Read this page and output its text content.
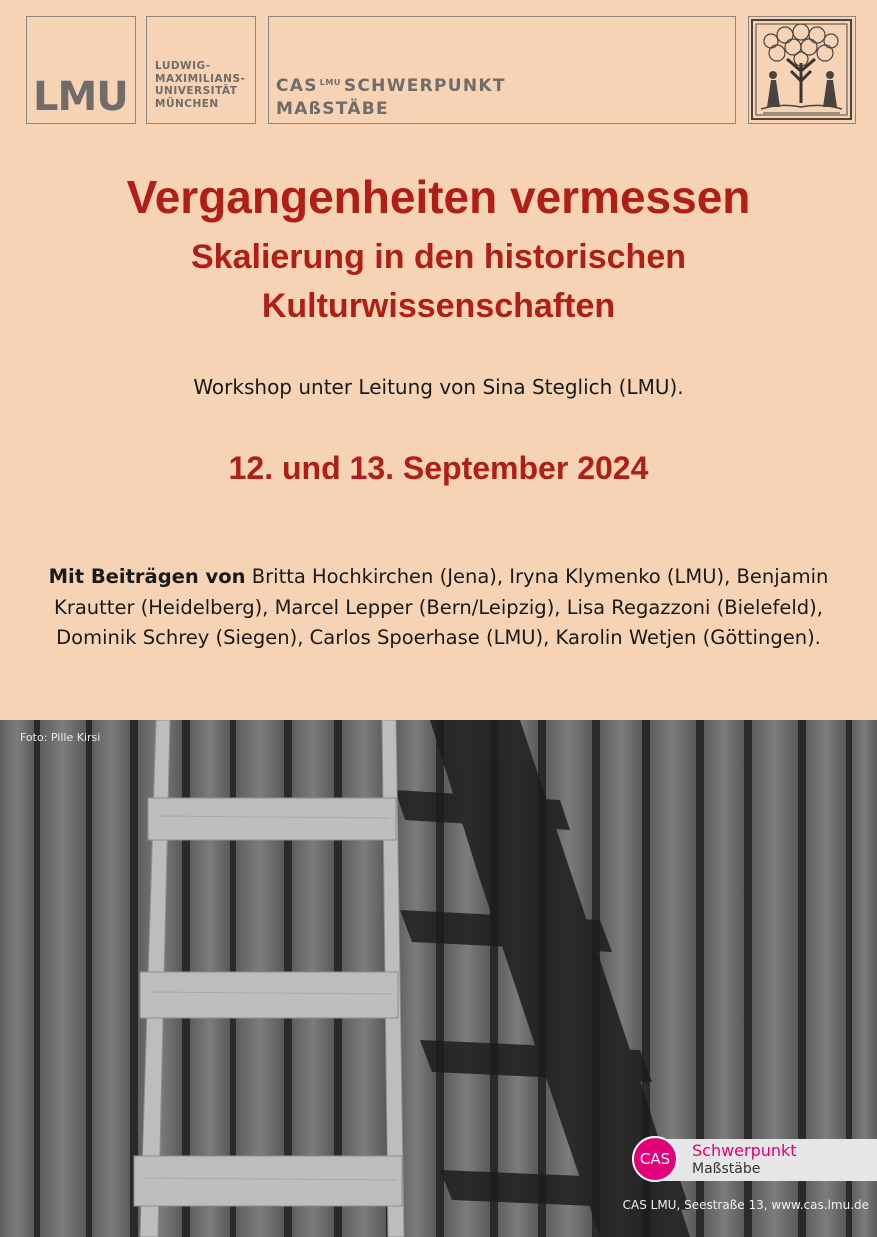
LMU
LUDWIG-
MAXIMILIANS-
UNIVERSITÄT
MÜNCHEN
CAS $^{LMU}$ SCHWERPUNKT
MAßSTÄBE
Vergangenheiten vermessen
Skalierung in den historischen
Kulturwissenschaften
Workshop unter Leitung von Sina Steglich (LMU).
12. und 13. September 2024
Mit Beiträgen von Britta Hochkirchen (Jena), Iryna Klymenko (LMU), Benjamin Krautter (Heidelberg), Marcel Lepper (Bern/Leipzig), Lisa Regazzoni (Bielefeld), Dominik Schrey (Siegen), Carlos Spoerhase (LMU), Karolin Wetjen (Göttingen).
Foto: Pille Kirsi
CAS	Schwerpunkt
Maßstäbe
CAS LMU, Seestraße 13, www.cas.lmu.de
